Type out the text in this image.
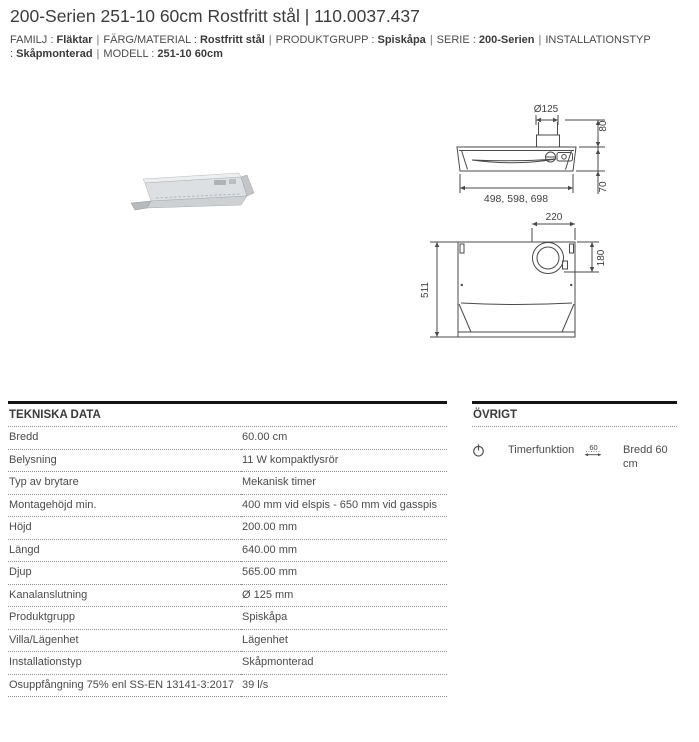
200-Serien 251-10 60cm Rostfritt stål | 110.0037.437
FAMILJ : Fläktar | FÄRG/MATERIAL : Rostfritt stål | PRODUKTGRUPP : Spiskåpa | SERIE : 200-Serien | INSTALLATIONSTYP : Skåpmonterad | MODELL : 251-10 60cm
Ø125
498, 598, 698
80
70
220
180
511
TEKNISKA DATA
Bredd	60.00 cm
Belysning	11 W kompaktlysrör
Typ av brytare	Mekanisk timer
Montagehöjd min.	400 mm vid elspis - 650 mm vid gasspis
Höjd	200.00 mm
Längd	640.00 mm
Djup	565.00 mm
Kanalanslutning	Ø 125 mm
Produktgrupp	Spiskåpa
Villa/Lägenhet	Lägenhet
Installationstyp	Skåpmonterad
Osuppfångning 75% enl SS-EN 13141-3:2017	39 l/s
ÖVRIGT
Timerfunktion	60 Bredd 60 cm
